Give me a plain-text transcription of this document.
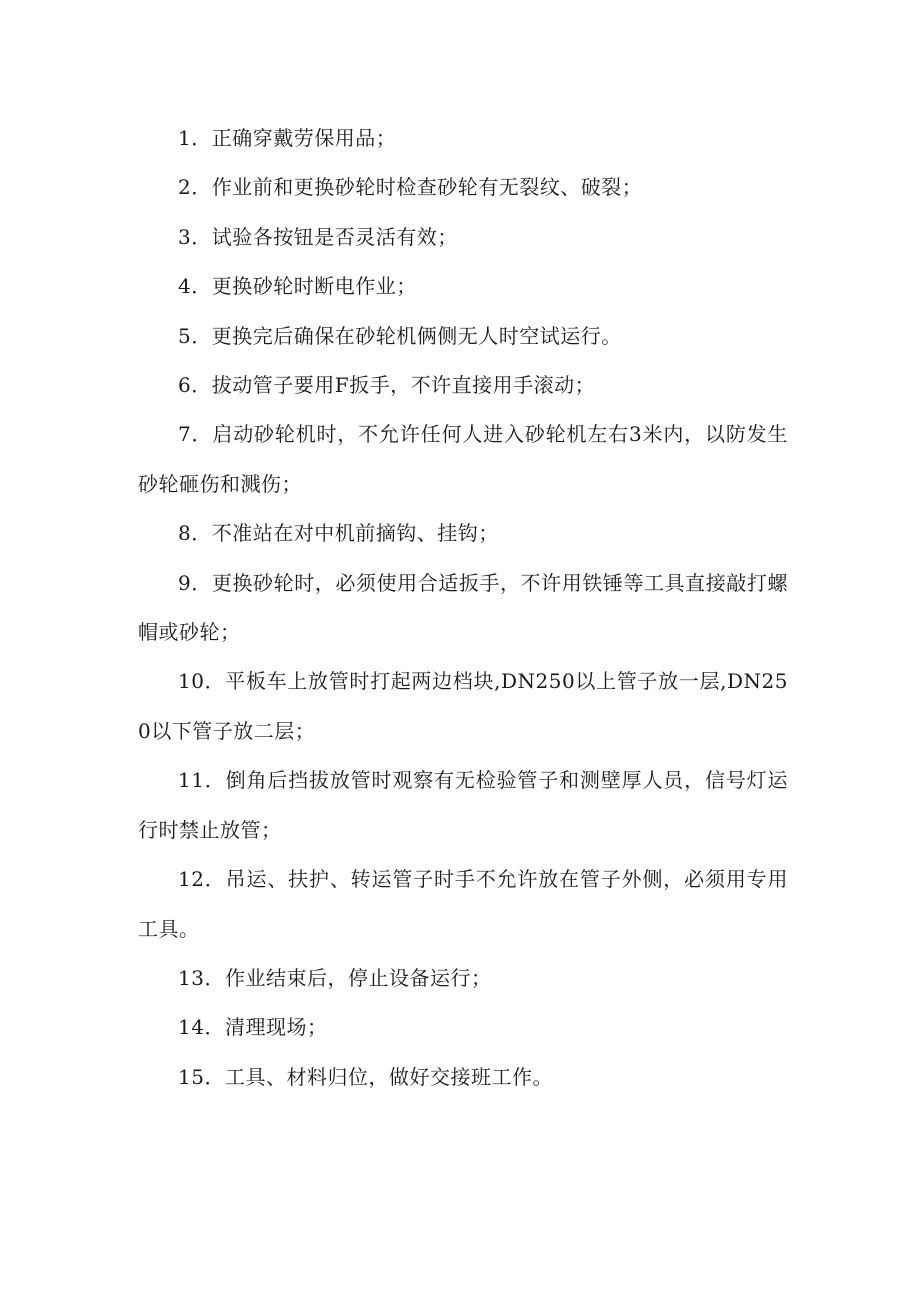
1．正确穿戴劳保用品；

2．作业前和更换砂轮时检查砂轮有无裂纹、破裂；

3．试验各按钮是否灵活有效；

4．更换砂轮时断电作业；

5．更换完后确保在砂轮机俩侧无人时空试运行。

6．拔动管子要用F扳手，不许直接用手滚动；

7．启动砂轮机时，不允许任何人进入砂轮机左右3米内，以防发生砂轮砸伤和溅伤；

8．不准站在对中机前摘钩、挂钩；

9．更换砂轮时，必须使用合适扳手，不许用铁锤等工具直接敲打螺帽或砂轮；

10．平板车上放管时打起两边档块,DN250以上管子放一层,DN250以下管子放二层；

11．倒角后挡拔放管时观察有无检验管子和测壁厚人员，信号灯运行时禁止放管；

12．吊运、扶护、转运管子时手不允许放在管子外侧，必须用专用工具。

13．作业结束后，停止设备运行；

14．清理现场；

15．工具、材料归位，做好交接班工作。
